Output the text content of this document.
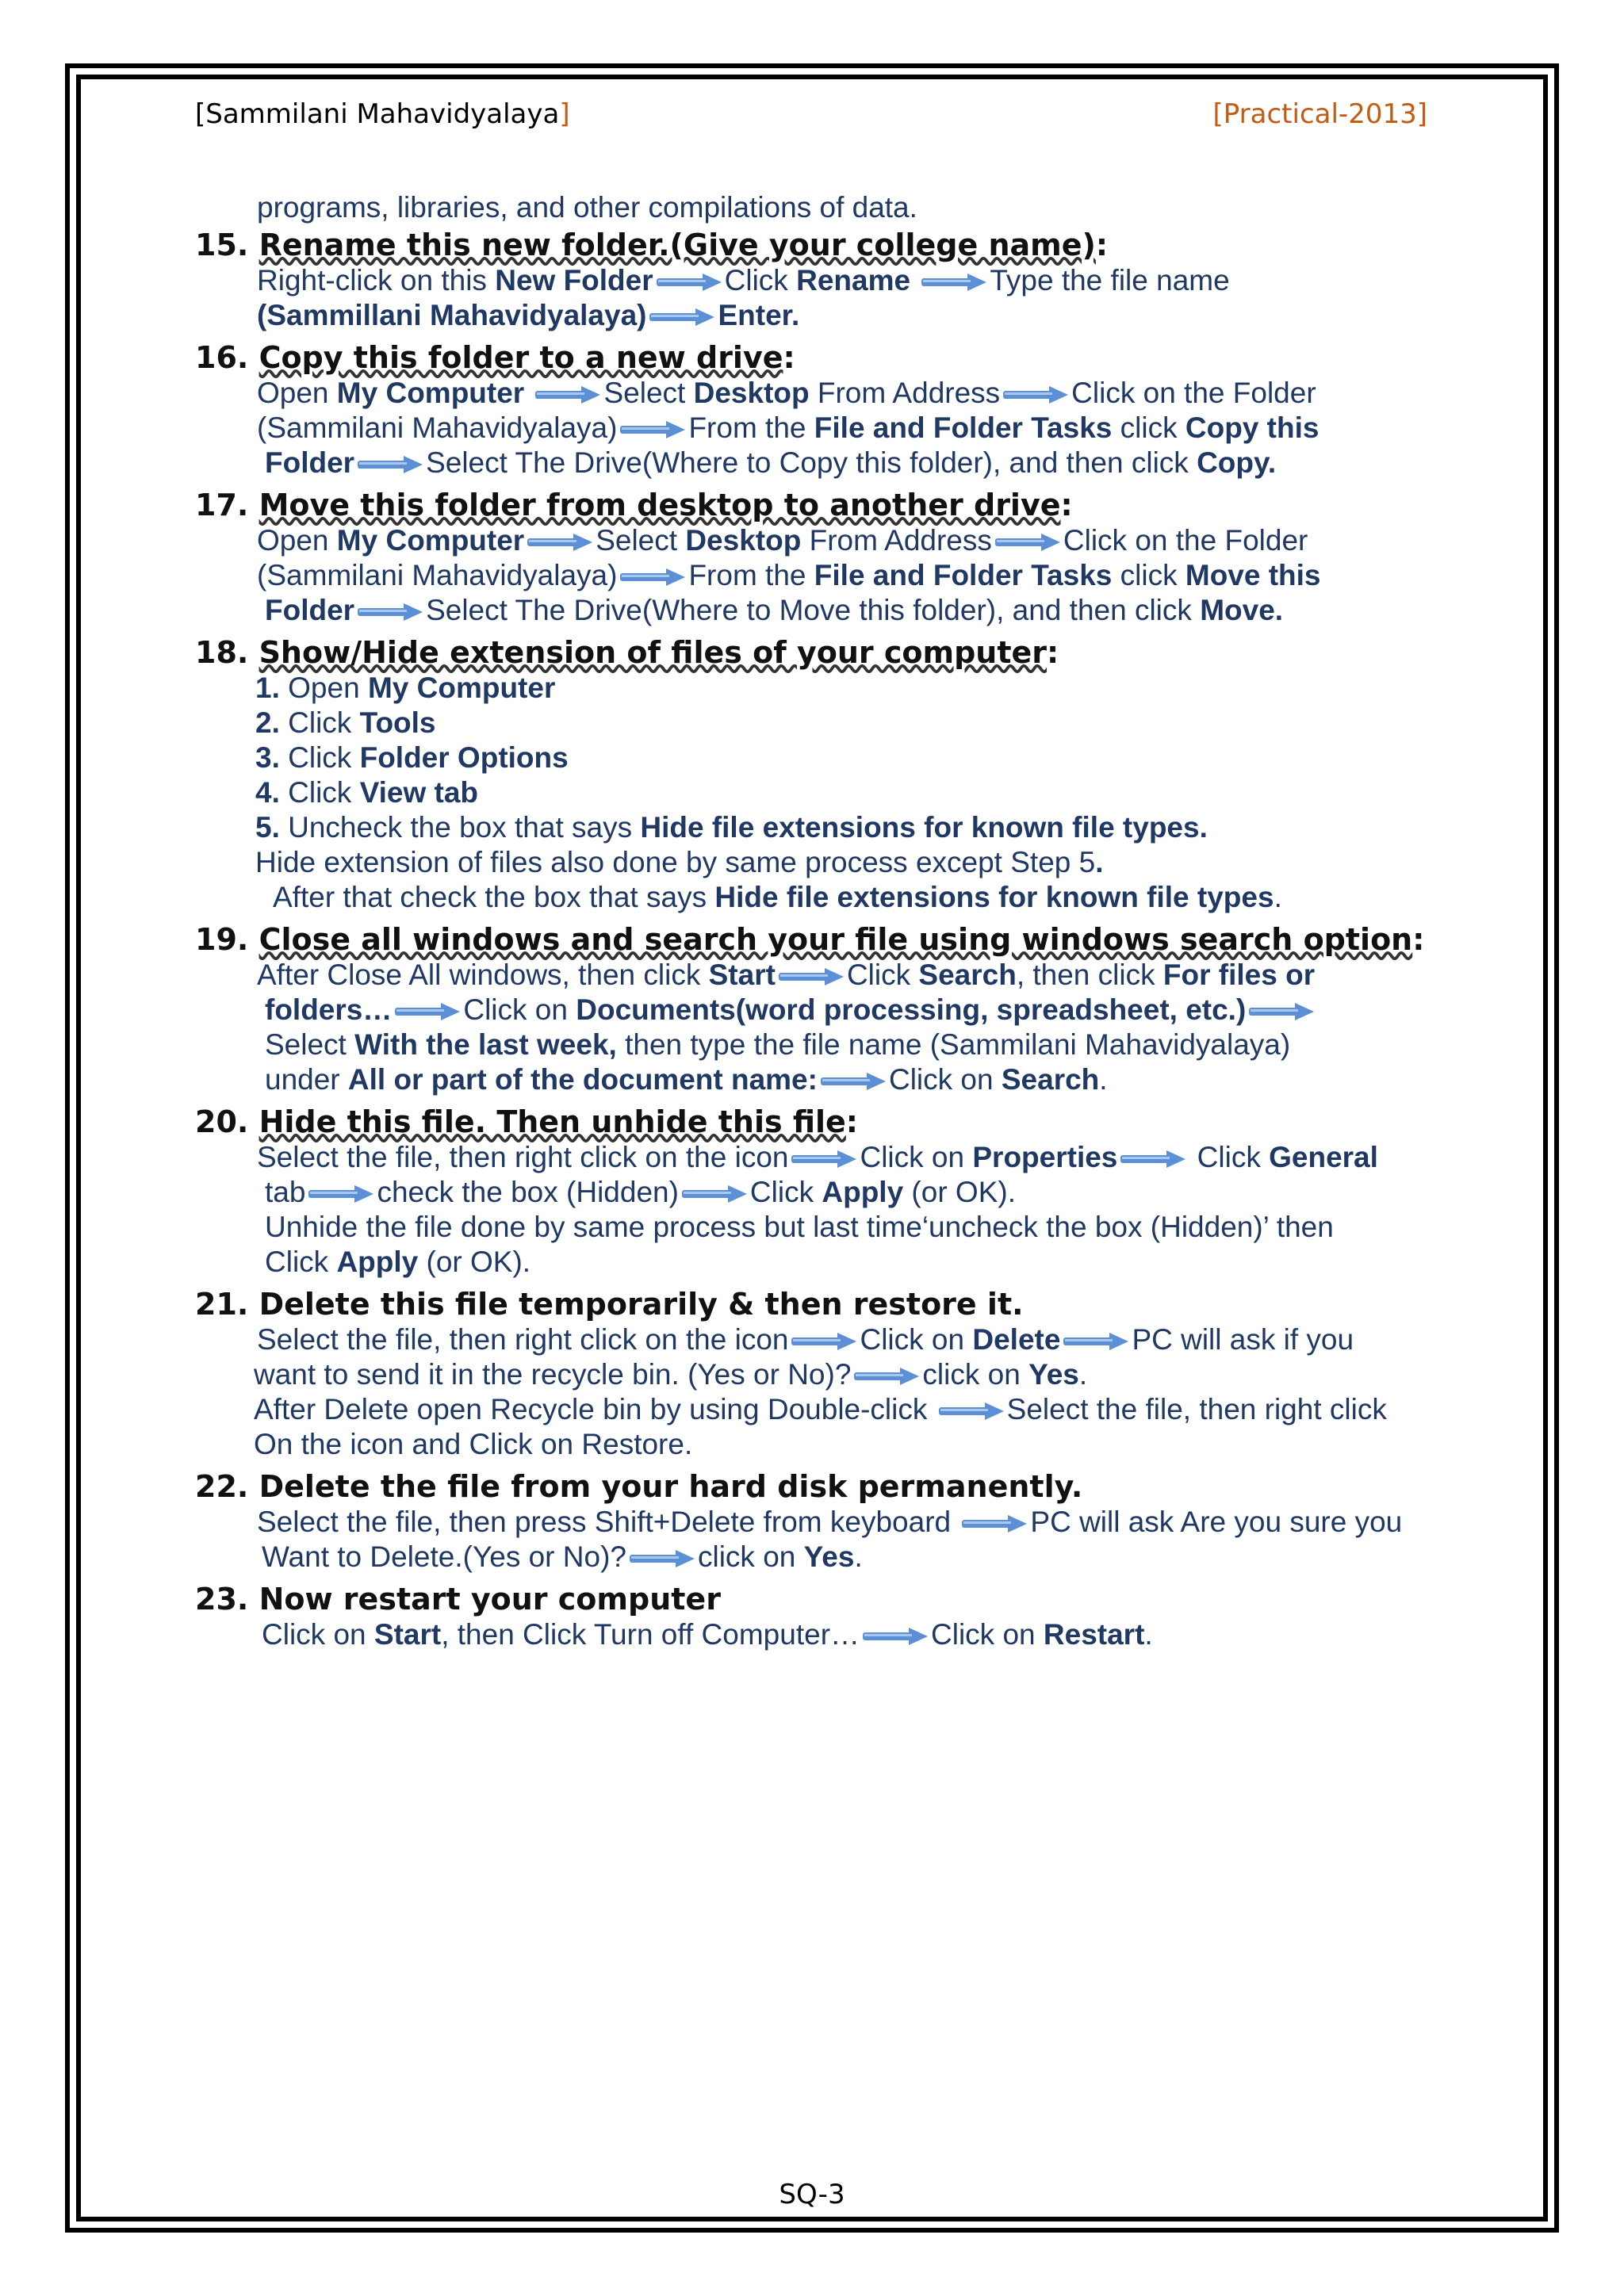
[Sammilani Mahavidyalaya]	[Practical-2013]
programs, libraries, and other compilations of data.
15. Rename this new folder.(Give your college name):
Right-click on this New Folder Click Rename	Type the file name
(Sammillani Mahavidyalaya) Enter.
16. Copy this folder to a new drive:
Open My Computer	Select Desktop From Address Click on the Folder
(Sammilani Mahavidyalaya) From the File and Folder Tasks click Copy this
Folder Select The Drive(Where to Copy this folder), and then click Copy.
17. Move this folder from desktop to another drive:
Open My Computer Select Desktop From Address Click on the Folder
(Sammilani Mahavidyalaya) From the File and Folder Tasks click Move this
Folder Select The Drive(Where to Move this folder), and then click Move.
18. Show/Hide extension of files of your computer:
1. Open My Computer
2. Click Tools
3. Click Folder Options
4. Click View tab
5. Uncheck the box that says Hide file extensions for known file types.
Hide extension of files also done by same process except Step 5.
After that check the box that says Hide file extensions for known file types.
19. Close all windows and search your file using windows search option:
After Close All windows, then click Start Click Search, then click For files or
folders… Click on Documents(word processing, spreadsheet, etc.)
Select With the last week, then type the file name (Sammilani Mahavidyalaya)
under All or part of the document name: Click on Search.
20. Hide this file. Then unhide this file:
Select the file, then right click on the icon Click on Properties	Click General
tab check the box (Hidden) Click Apply (or OK).
Unhide the file done by same process but last time‘uncheck the box (Hidden)’ then
Click Apply (or OK).
21. Delete this file temporarily & then restore it.
Select the file, then right click on the icon Click on Delete PC will ask if you
want to send it in the recycle bin. (Yes or No)? click on Yes.
After Delete open Recycle bin by using Double-click Select the file, then right click
On the icon and Click on Restore.
22. Delete the file from your hard disk permanently.
Select the file, then press Shift+Delete from keyboard PC will ask Are you sure you
Want to Delete.(Yes or No)? click on Yes.
23. Now restart your computer
Click on Start, then Click Turn off Computer… Click on Restart.
SQ-3
